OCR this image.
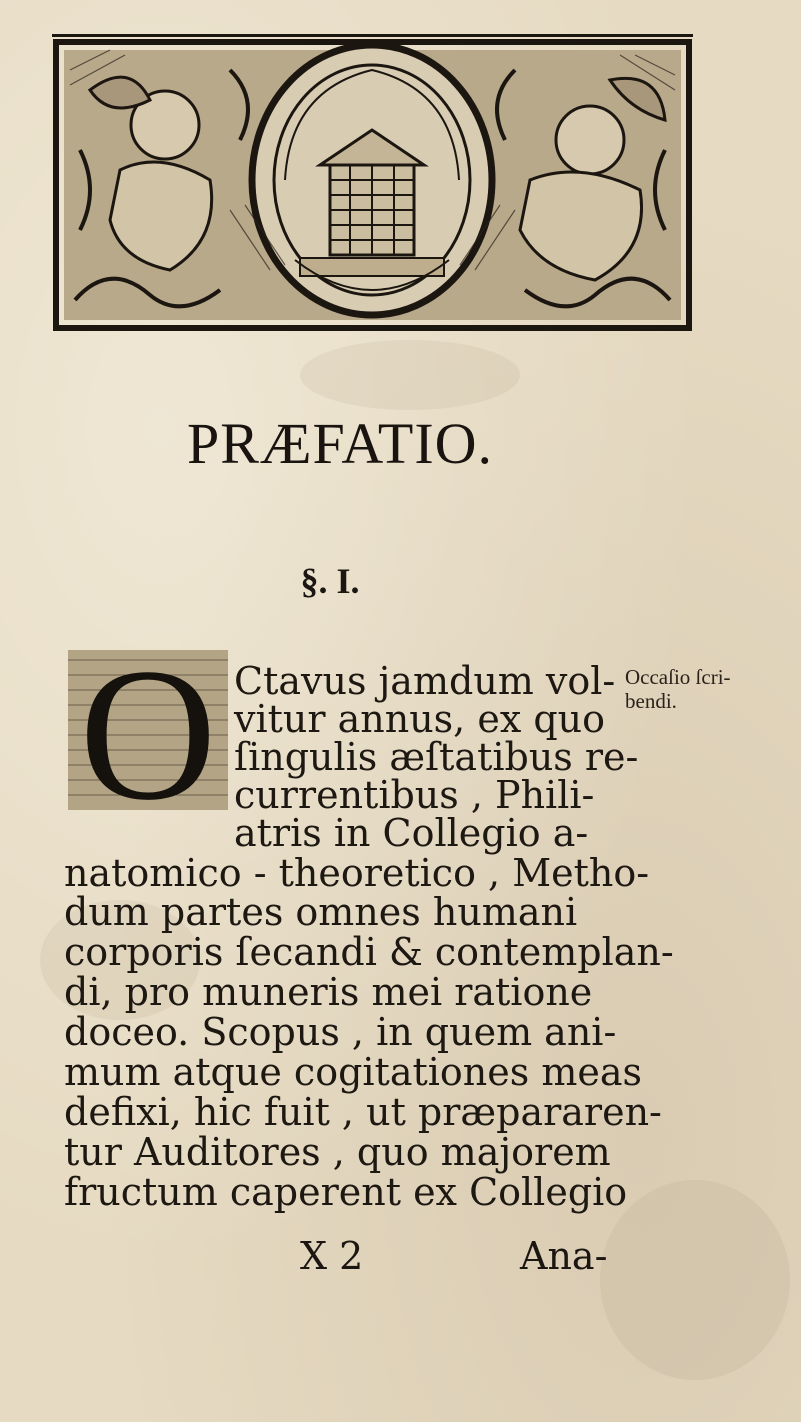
PRÆFATIO.
§. I.
O	Occaſio ſcri-
bendi.
Ctavus jamdum vol-
vitur annus, ex quo
ſingulis æſtatibus re-
currentibus , Phili-
atris in Collegio a-
natomico - theoretico , Metho-
dum partes omnes humani
corporis ſecandi & contemplan-
di, pro muneris mei ratione
doceo. Scopus , in quem ani-
mum atque cogitationes meas
defixi, hic fuit , ut præpararen-
tur Auditores , quo majorem
fructum caperent ex Collegio
X 2	Ana-
